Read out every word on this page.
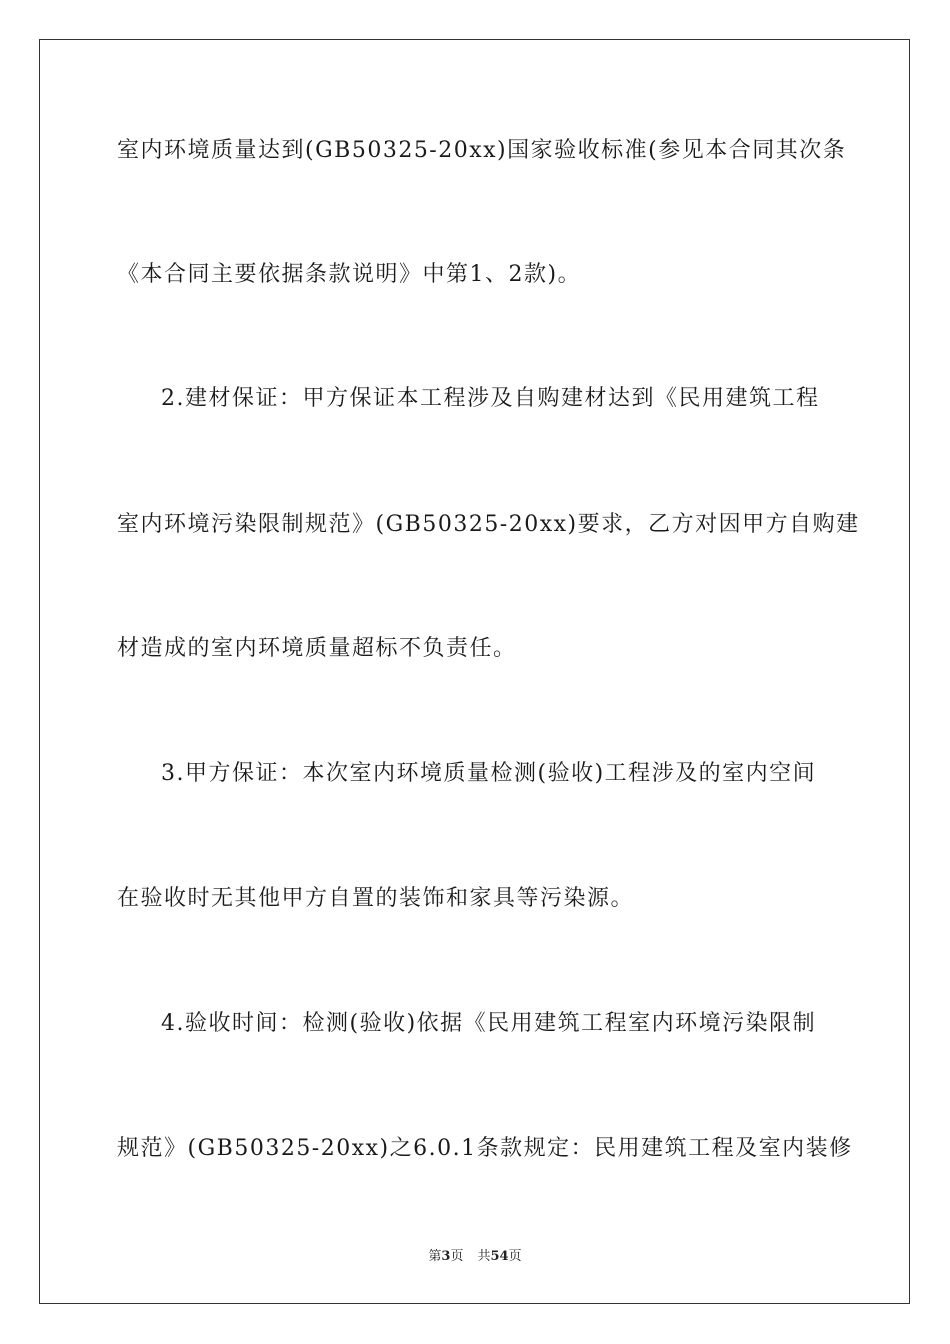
室内环境质量达到(GB50325-20xx)国家验收标准(参见本合同其次条
《本合同主要依据条款说明》中第1、2款)。
2.建材保证：甲方保证本工程涉及自购建材达到《民用建筑工程
室内环境污染限制规范》(GB50325-20xx)要求，乙方对因甲方自购建
材造成的室内环境质量超标不负责任。
3.甲方保证：本次室内环境质量检测(验收)工程涉及的室内空间
在验收时无其他甲方自置的装饰和家具等污染源。
4.验收时间：检测(验收)依据《民用建筑工程室内环境污染限制
规范》(GB50325-20xx)之6.0.1条款规定：民用建筑工程及室内装修
第3页 共54页
